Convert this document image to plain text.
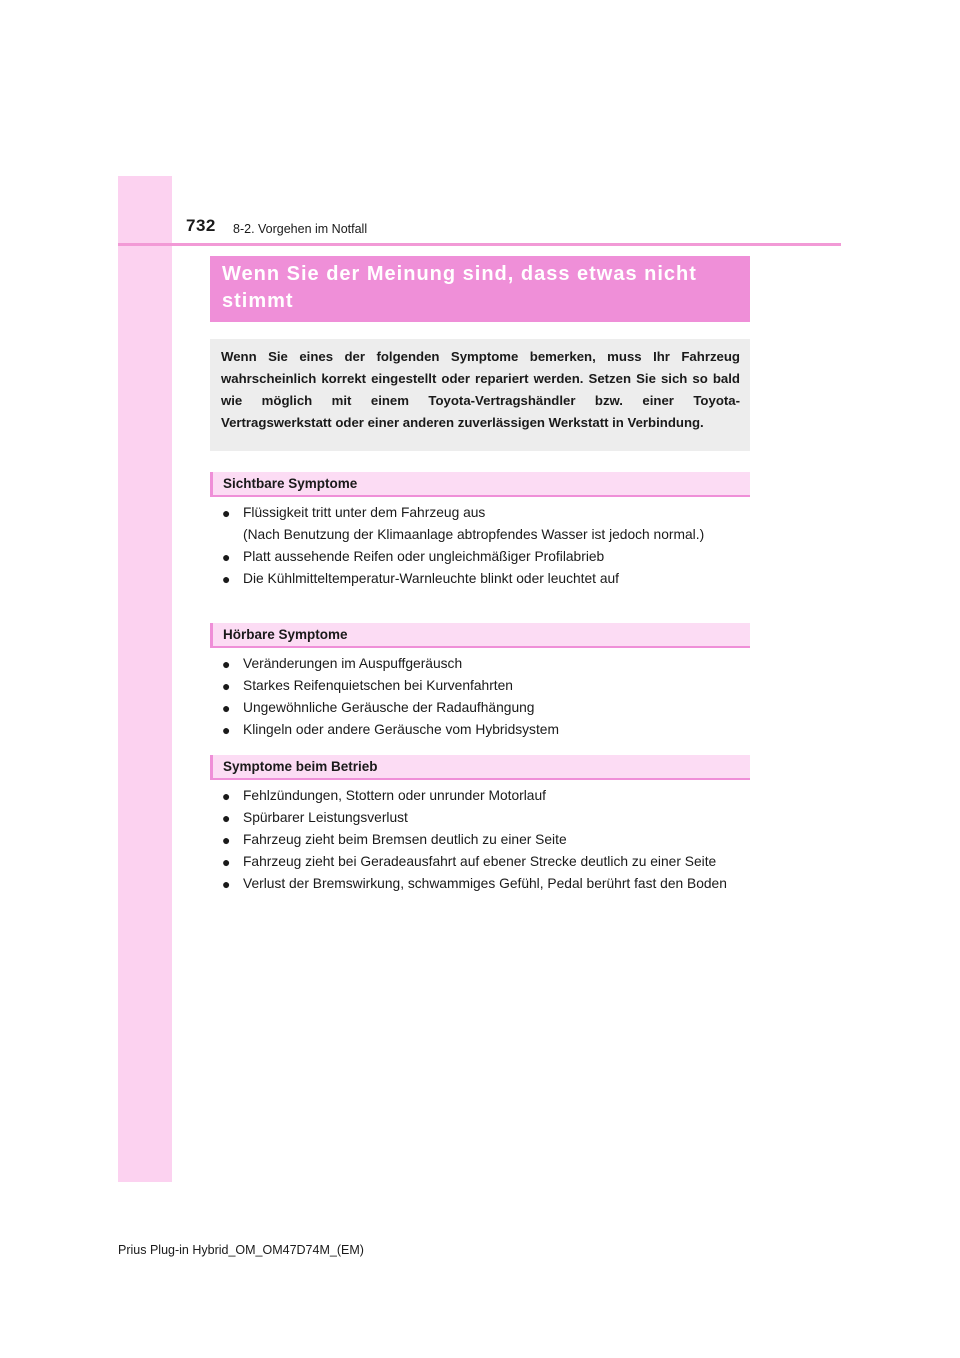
732 8-2. Vorgehen im Notfall

Wenn Sie der Meinung sind, dass etwas nicht stimmt

Wenn Sie eines der folgenden Symptome bemerken, muss Ihr Fahrzeug wahrscheinlich korrekt eingestellt oder repariert werden. Setzen Sie sich so bald wie möglich mit einem Toyota-Vertragshändler bzw. einer Toyota-Vertragswerkstatt oder einer anderen zuverlässigen Werkstatt in Verbindung.

Sichtbare Symptome
● Flüssigkeit tritt unter dem Fahrzeug aus
(Nach Benutzung der Klimaanlage abtropfendes Wasser ist jedoch normal.)
● Platt aussehende Reifen oder ungleichmäßiger Profilabrieb
● Die Kühlmitteltemperatur-Warnleuchte blinkt oder leuchtet auf
Hörbare Symptome
● Veränderungen im Auspuffgeräusch
● Starkes Reifenquietschen bei Kurvenfahrten
● Ungewöhnliche Geräusche der Radaufhängung
● Klingeln oder andere Geräusche vom Hybridsystem
Symptome beim Betrieb
● Fehlzündungen, Stottern oder unrunder Motorlauf
● Spürbarer Leistungsverlust
● Fahrzeug zieht beim Bremsen deutlich zu einer Seite
● Fahrzeug zieht bei Geradeausfahrt auf ebener Strecke deutlich zu einer Seite
● Verlust der Bremswirkung, schwammiges Gefühl, Pedal berührt fast den Boden
Prius Plug-in Hybrid_OM_OM47D74M_(EM)
